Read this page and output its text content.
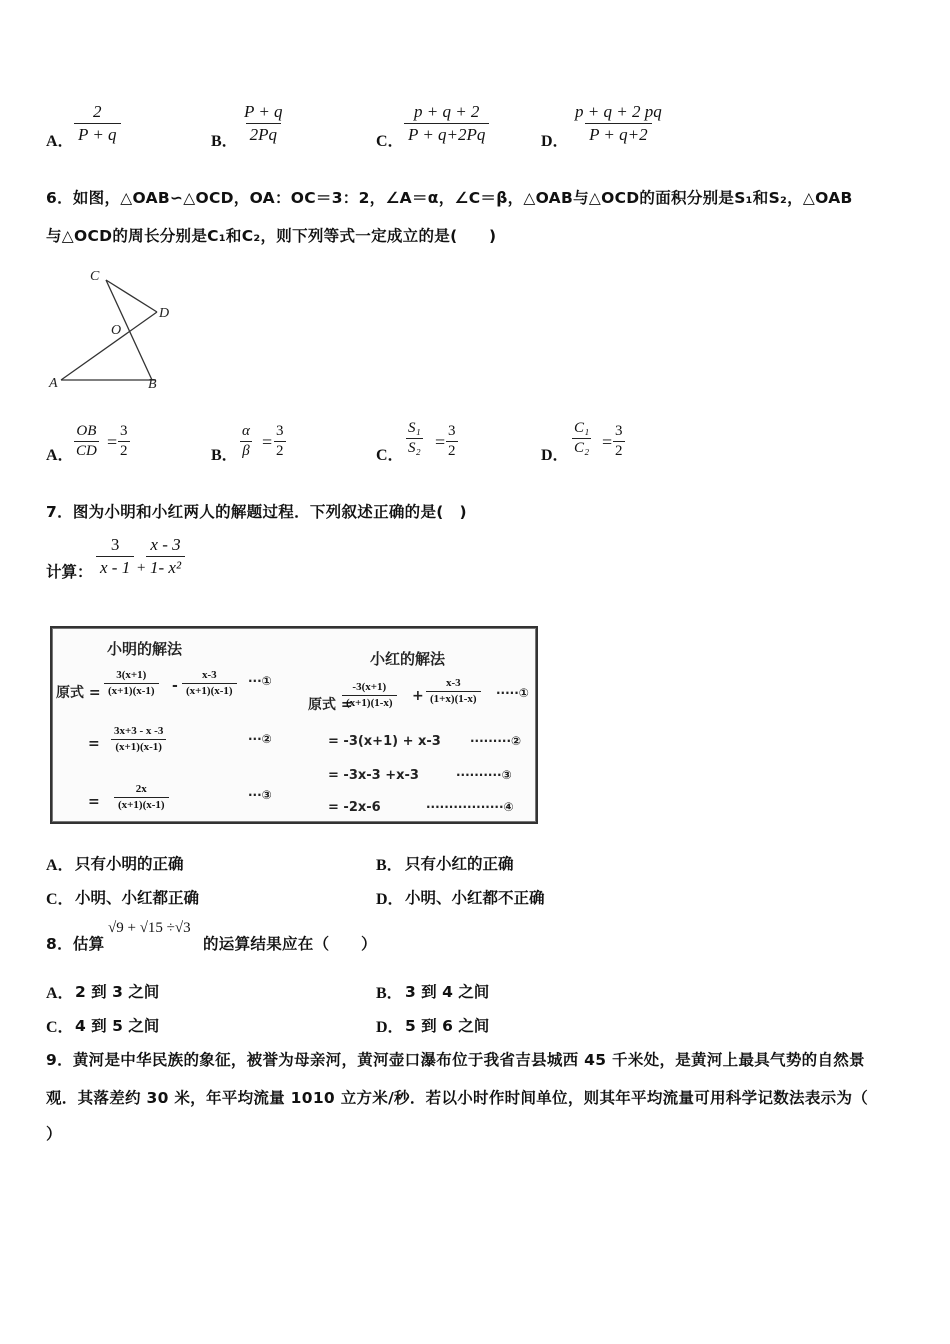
A． $\frac{2}{P + q}$	B． $\frac{P + q}{2Pq}$	C． $\frac{p + q + 2}{P + q+2Pq}$	D． $\frac{p + q + 2 pq}{P + q+2}$
6．如图，△OAB∽△OCD，OA：OC＝3：2，∠A＝α，∠C＝β，△OAB与△OCD的面积分别是S₁和S₂，△OAB
与△OCD的周长分别是C₁和C₂，则下列等式一定成立的是(　　)
C
D
O
A	B
A． $\frac{OB}{CD} = \frac{3}{2}$	B． $\frac{\alpha}{\beta} = \frac{3}{2}$	C． $\frac{\text{S₁}}{\text{S₂}} = \frac{3}{2}$	D． $\frac{\text{C₁}}{\text{C₂}} = \frac{3}{2}$
7．图为小明和小红两人的解题过程．下列叙述正确的是(　)
计算： $\frac{3}{x - 1} + \frac{x - 3}{\text{1- x²}}$
小明的解法
原式 = $\frac{3(x+1)}{(x+1)(x-1)} - \frac{x-3}{(x+1)(x-1)}$ ···①
= $\frac{3x+3 - x -3}{(x+1)(x-1)}$	···②
= $\frac{2x}{(x+1)(x-1)}$	···③
小红的解法
原式 =
$\frac{-3(x+1)}{(x+1)(1-x)} + \frac{x-3}{(1+x)(1-x)}$ ·····①
= -3(x+1) + x-3 ·········②
= -3x-3 +x-3	··········③
= -2x-6	·················④
A． 只有小明的正确	B． 只有小红的正确
C． 小明、小红都正确	D． 小明、小红都不正确
8．估算
√9 + √15 ÷√3
的运算结果应在（　　）
A． 2 到 3 之间	B． 3 到 4 之间
C． 4 到 5 之间	D． 5 到 6 之间
9．黄河是中华民族的象征，被誉为母亲河，黄河壶口瀑布位于我省吉县城西 45 千米处，是黄河上最具气势的自然景
观．其落差约 30 米，年平均流量 1010 立方米/秒．若以小时作时间单位，则其年平均流量可用科学记数法表示为（
）
